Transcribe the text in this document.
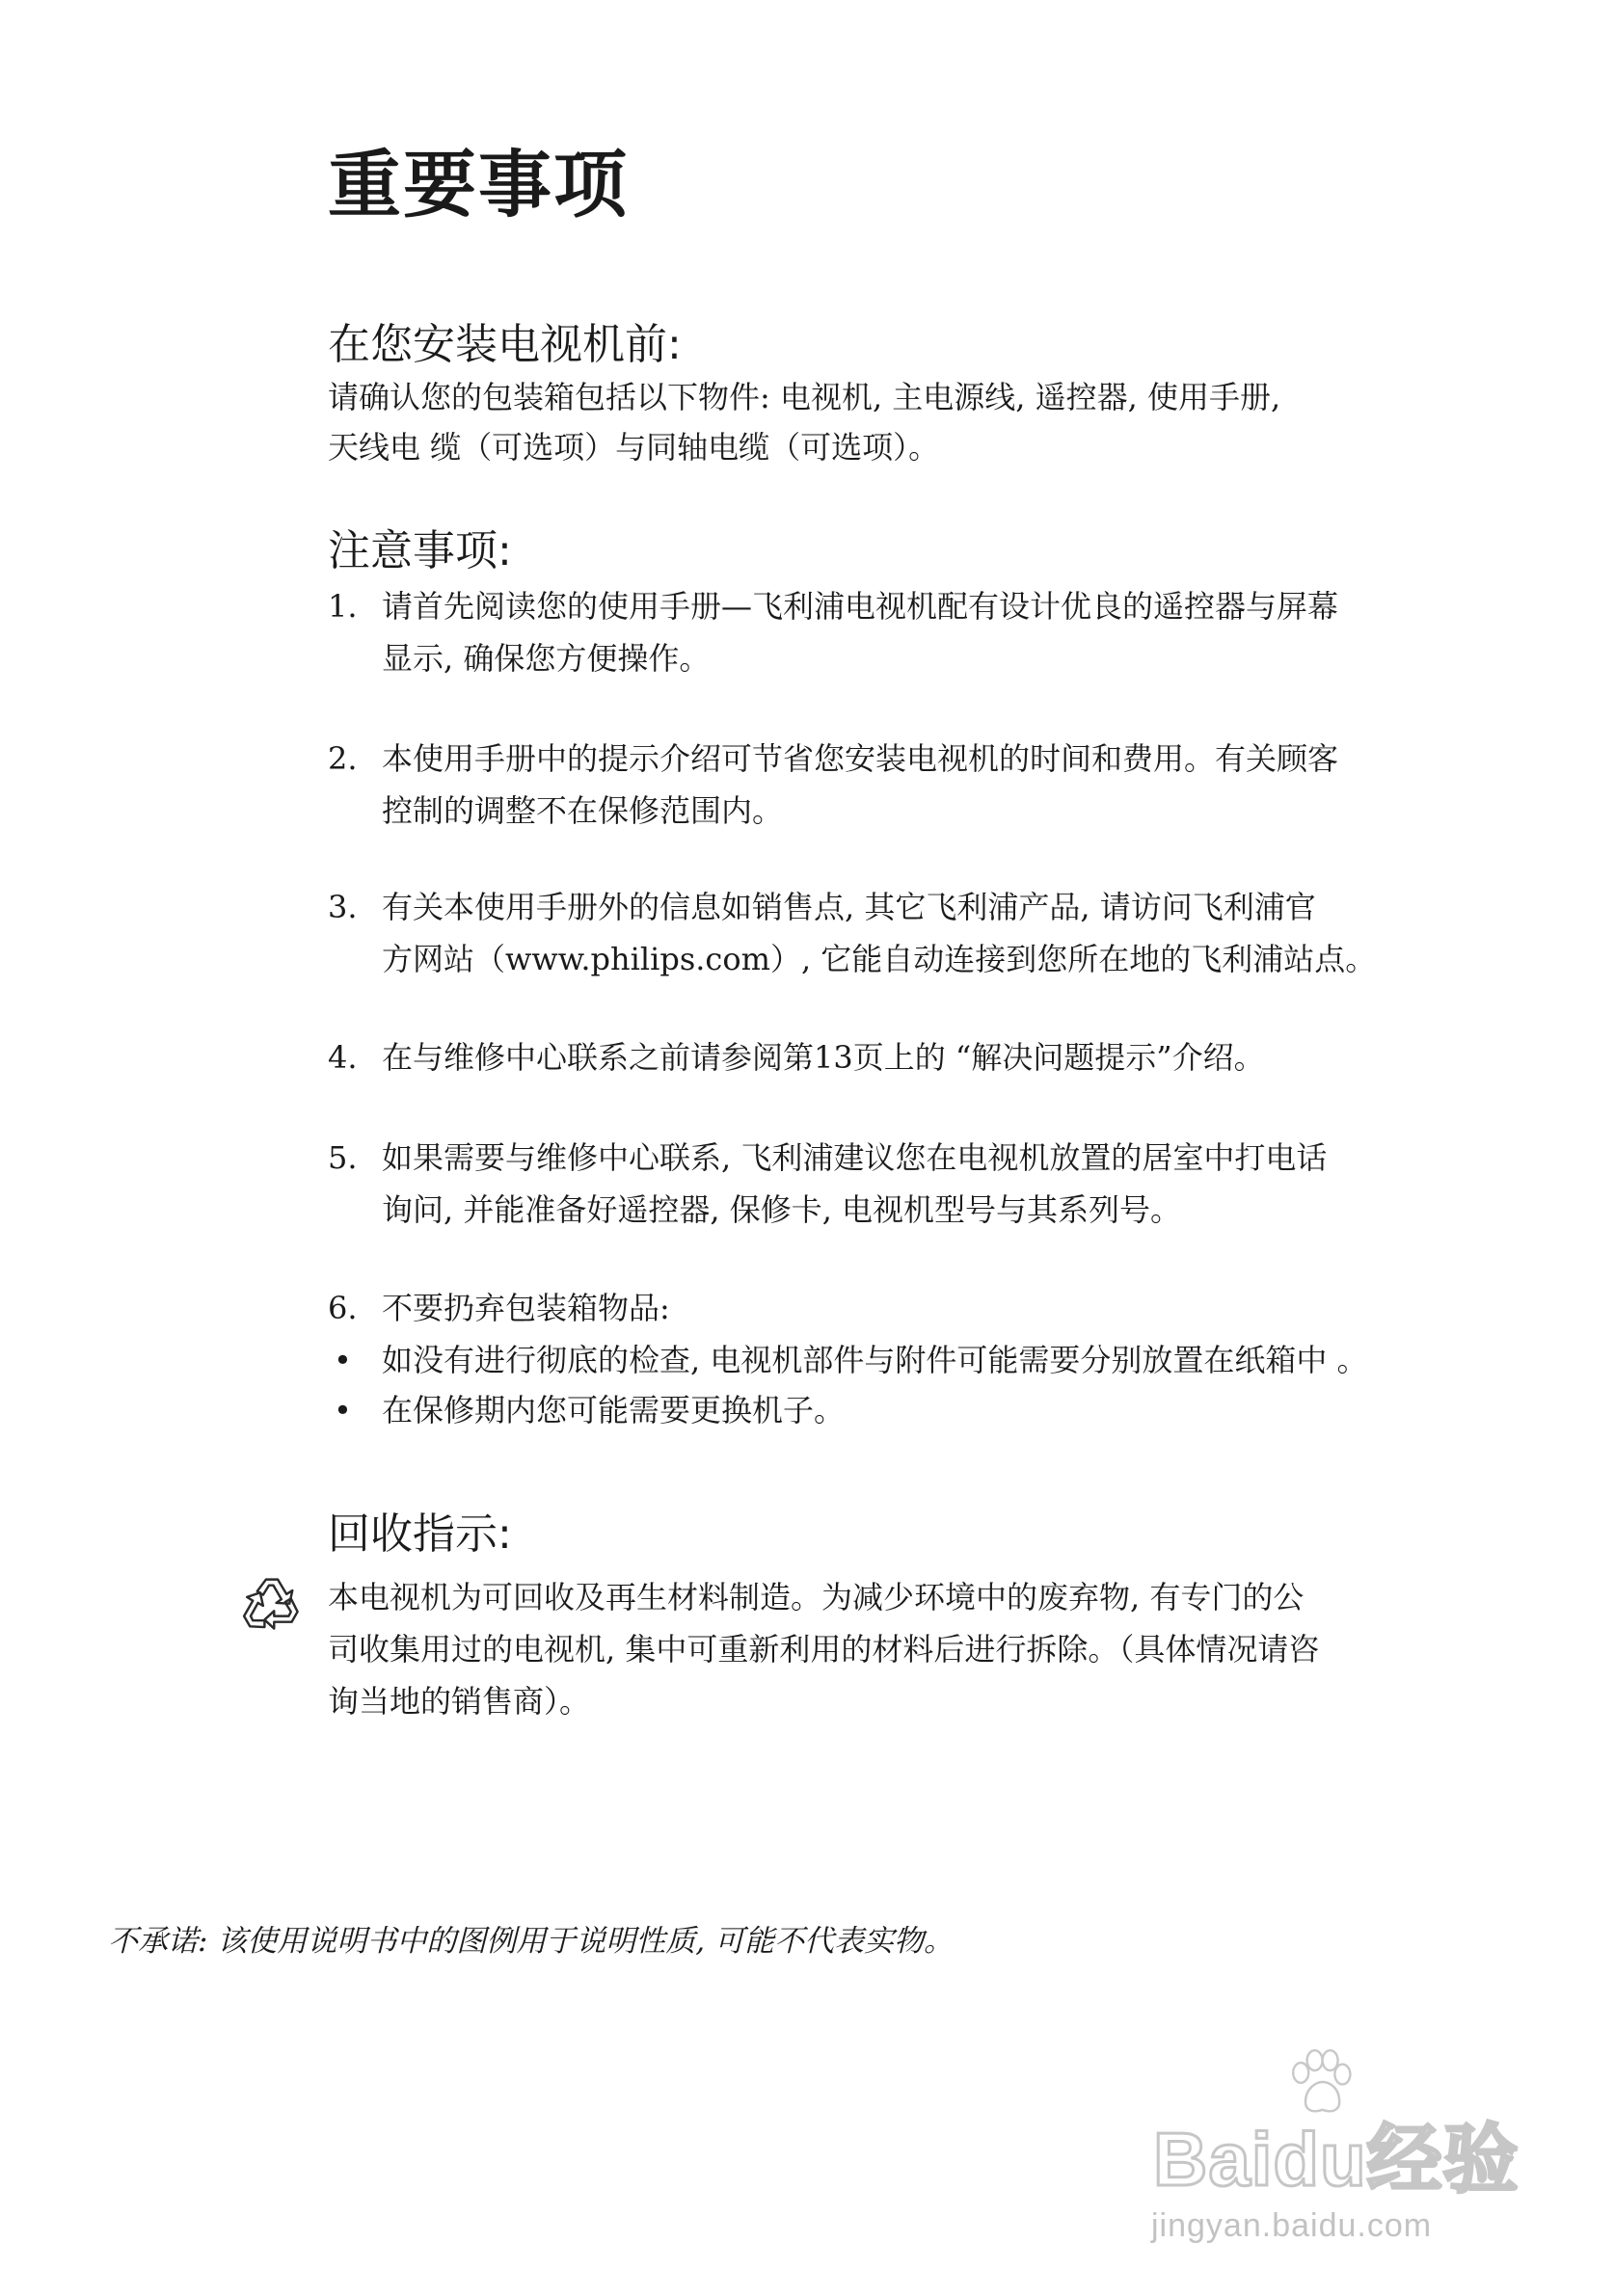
重要事项
在您安装电视机前:
请确认您的包装箱包括以下物件: 电视机, 主电源线, 遥控器, 使用手册,
天线电 缆（可选项）与同轴电缆（可选项）。
注意事项:
1. 请首先阅读您的使用手册—飞利浦电视机配有设计优良的遥控器与屏幕
显示, 确保您方便操作。
2. 本使用手册中的提示介绍可节省您安装电视机的时间和费用。有关顾客
控制的调整不在保修范围内。
3. 有关本使用手册外的信息如销售点, 其它飞利浦产品, 请访问飞利浦官
方网站（www.philips.com）, 它能自动连接到您所在地的飞利浦站点。
4. 在与维修中心联系之前请参阅第13页上的 “解决问题提示”介绍。
5. 如果需要与维修中心联系, 飞利浦建议您在电视机放置的居室中打电话
询问, 并能准备好遥控器, 保修卡, 电视机型号与其系列号。
6. 不要扔弃包装箱物品:
• 如没有进行彻底的检查, 电视机部件与附件可能需要分别放置在纸箱中 。
• 在保修期内您可能需要更换机子。
回收指示:
本电视机为可回收及再生材料制造。为减少环境中的废弃物, 有专门的公
司收集用过的电视机, 集中可重新利用的材料后进行拆除。（具体情况请咨
询当地的销售商）。

不承诺: 该使用说明书中的图例用于说明性质, 可能不代表实物。

Baidu经验
jingyan.baidu.com
